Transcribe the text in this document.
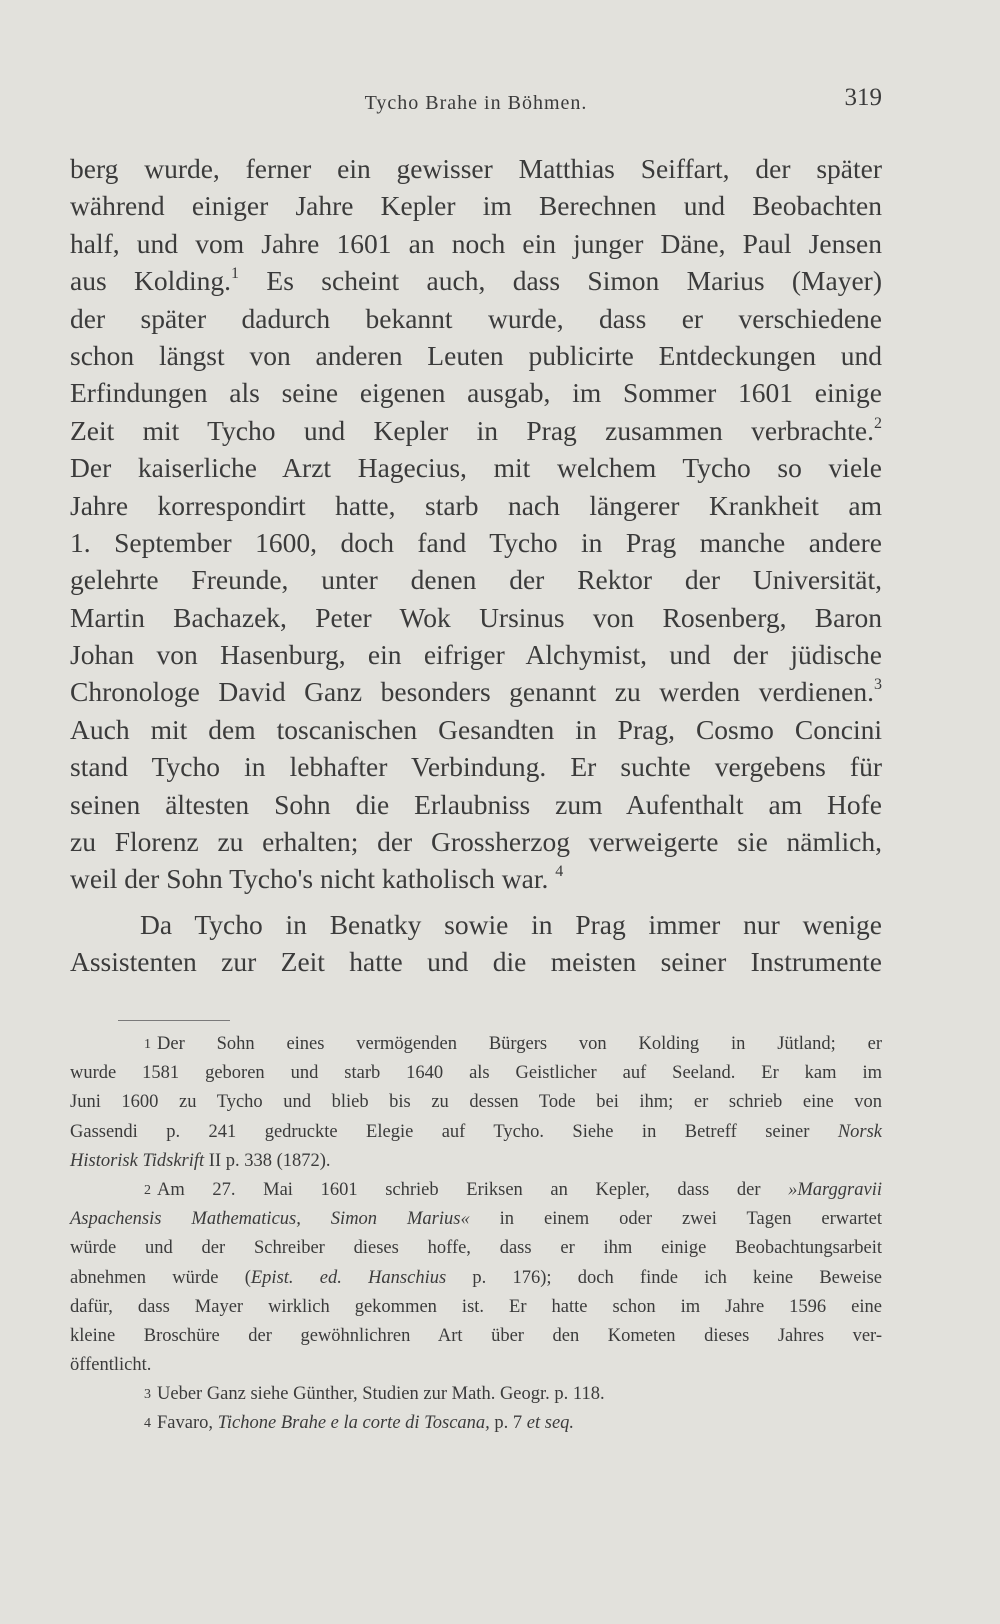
Tycho Brahe in Böhmen.	319
berg wurde, ferner ein gewisser Matthias Seiffart, der später
während einiger Jahre Kepler im Berechnen und Beobachten
half, und vom Jahre 1601 an noch ein junger Däne, Paul Jensen
aus Kolding.$^1$ Es scheint auch, dass Simon Marius (Mayer)
der später dadurch bekannt wurde, dass er verschiedene
schon längst von anderen Leuten publicirte Entdeckungen und
Erfindungen als seine eigenen ausgab, im Sommer 1601 einige
Zeit mit Tycho und Kepler in Prag zusammen verbrachte.$^2$
Der kaiserliche Arzt Hagecius, mit welchem Tycho so viele
Jahre korrespondirt hatte, starb nach längerer Krankheit am
1. September 1600, doch fand Tycho in Prag manche andere
gelehrte Freunde, unter denen der Rektor der Universität,
Martin Bachazek, Peter Wok Ursinus von Rosenberg, Baron
Johan von Hasenburg, ein eifriger Alchymist, und der jüdische
Chronologe David Ganz besonders genannt zu werden verdienen.$^3$
Auch mit dem toscanischen Gesandten in Prag, Cosmo Concini
stand Tycho in lebhafter Verbindung. Er suchte vergebens für
seinen ältesten Sohn die Erlaubniss zum Aufenthalt am Hofe
zu Florenz zu erhalten; der Grossherzog verweigerte sie nämlich,
weil der Sohn Tycho's nicht katholisch war. $^4$
Da Tycho in Benatky sowie in Prag immer nur wenige
Assistenten zur Zeit hatte und die meisten seiner Instrumente
1 Der Sohn eines vermögenden Bürgers von Kolding in Jütland; er
wurde 1581 geboren und starb 1640 als Geistlicher auf Seeland. Er kam im
Juni 1600 zu Tycho und blieb bis zu dessen Tode bei ihm; er schrieb eine von
Gassendi p. 241 gedruckte Elegie auf Tycho. Siehe in Betreff seiner Norsk
Historisk Tidskrift II p. 338 (1872).
2 Am 27. Mai 1601 schrieb Eriksen an Kepler, dass der »Marggravii
Aspachensis Mathematicus, Simon Marius« in einem oder zwei Tagen erwartet
würde und der Schreiber dieses hoffe, dass er ihm einige Beobachtungsarbeit
abnehmen würde (Epist. ed. Hanschius p. 176); doch finde ich keine Beweise
dafür, dass Mayer wirklich gekommen ist. Er hatte schon im Jahre 1596 eine
kleine Broschüre der gewöhnlichren Art über den Kometen dieses Jahres ver-
öffentlicht.
3 Ueber Ganz siehe Günther, Studien zur Math. Geogr. p. 118.
4 Favaro, Tichone Brahe e la corte di Toscana, p. 7 et seq.
